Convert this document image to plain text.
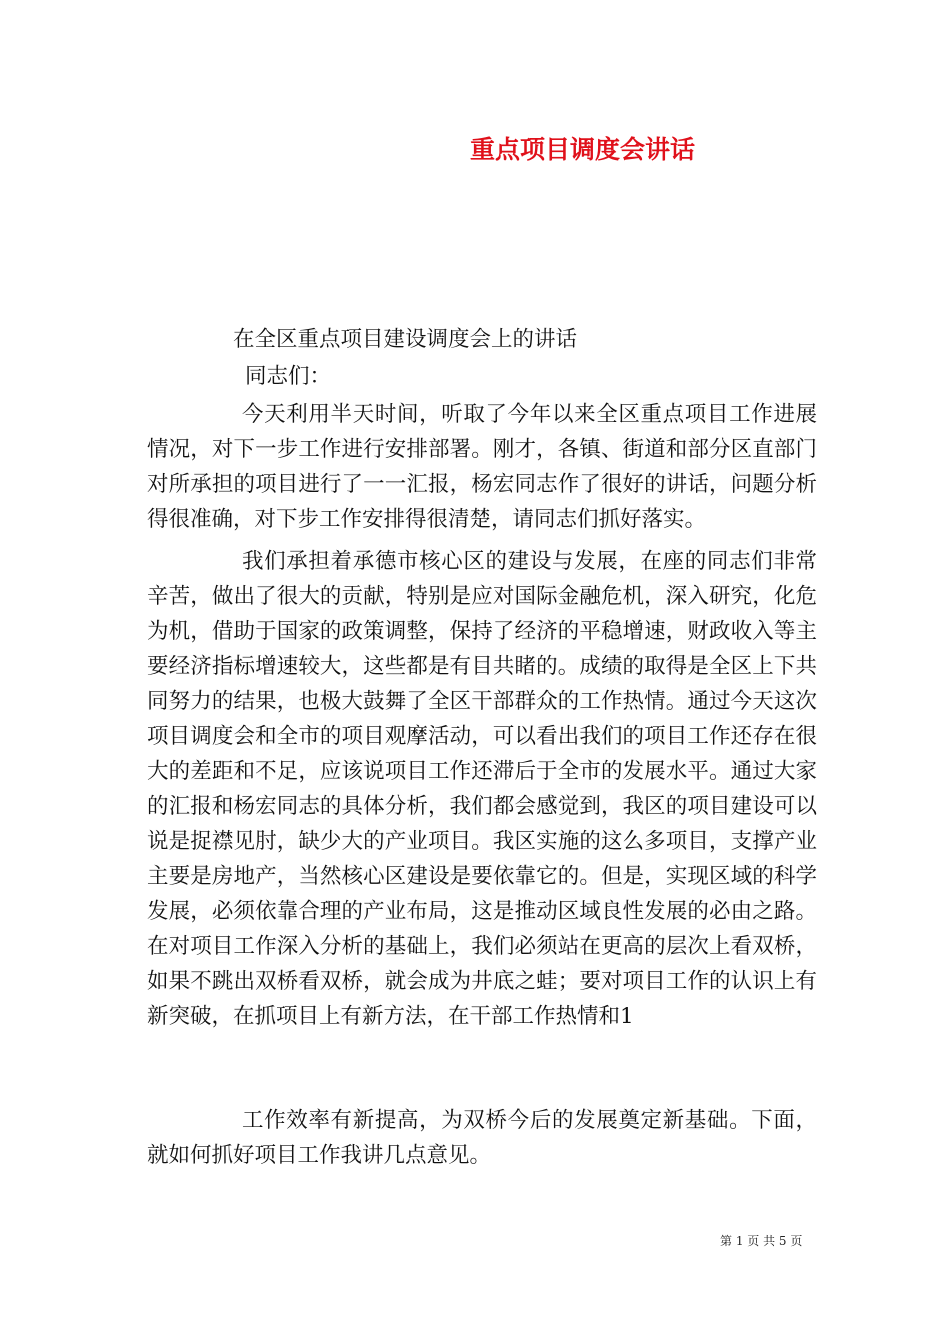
重点项目调度会讲话
在全区重点项目建设调度会上的讲话
同志们：
今天利用半天时间，听取了今年以来全区重点项目工作进展情况，对下一步工作进行安排部署。刚才，各镇、街道和部分区直部门对所承担的项目进行了一一汇报，杨宏同志作了很好的讲话，问题分析得很准确，对下步工作安排得很清楚，请同志们抓好落实。
我们承担着承德市核心区的建设与发展，在座的同志们非常辛苦，做出了很大的贡献，特别是应对国际金融危机，深入研究，化危为机，借助于国家的政策调整，保持了经济的平稳增速，财政收入等主要经济指标增速较大，这些都是有目共睹的。成绩的取得是全区上下共同努力的结果，也极大鼓舞了全区干部群众的工作热情。通过今天这次项目调度会和全市的项目观摩活动，可以看出我们的项目工作还存在很大的差距和不足，应该说项目工作还滞后于全市的发展水平。通过大家的汇报和杨宏同志的具体分析，我们都会感觉到，我区的项目建设可以说是捉襟见肘，缺少大的产业项目。我区实施的这么多项目，支撑产业主要是房地产，当然核心区建设是要依靠它的。但是，实现区域的科学发展，必须依靠合理的产业布局，这是推动区域良性发展的必由之路。在对项目工作深入分析的基础上，我们必须站在更高的层次上看双桥，如果不跳出双桥看双桥，就会成为井底之蛙；要对项目工作的认识上有新突破，在抓项目上有新方法，在干部工作热情和1
工作效率有新提高，为双桥今后的发展奠定新基础。下面，就如何抓好项目工作我讲几点意见。
第 1 页 共 5 页
